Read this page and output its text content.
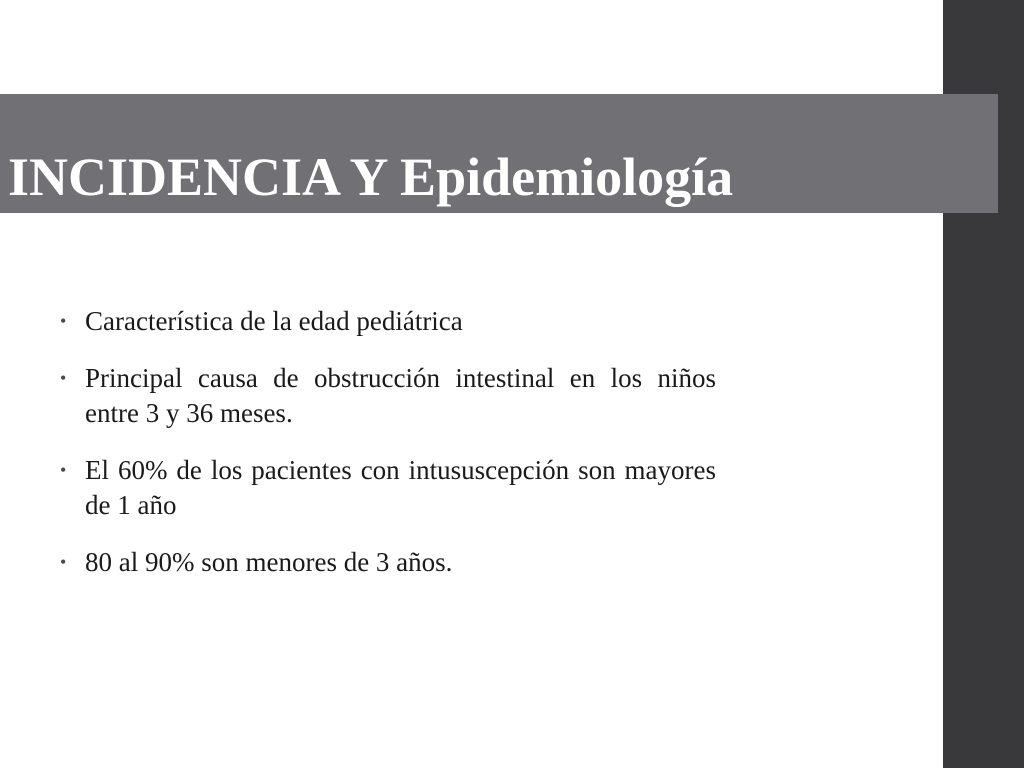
INCIDENCIA Y Epidemiología
• Característica de la edad pediátrica
• Principal causa de obstrucción intestinal en los niños entre 3 y 36 meses.
• El 60% de los pacientes con intususcepción son mayores de 1 año
• 80 al 90% son menores de 3 años.
